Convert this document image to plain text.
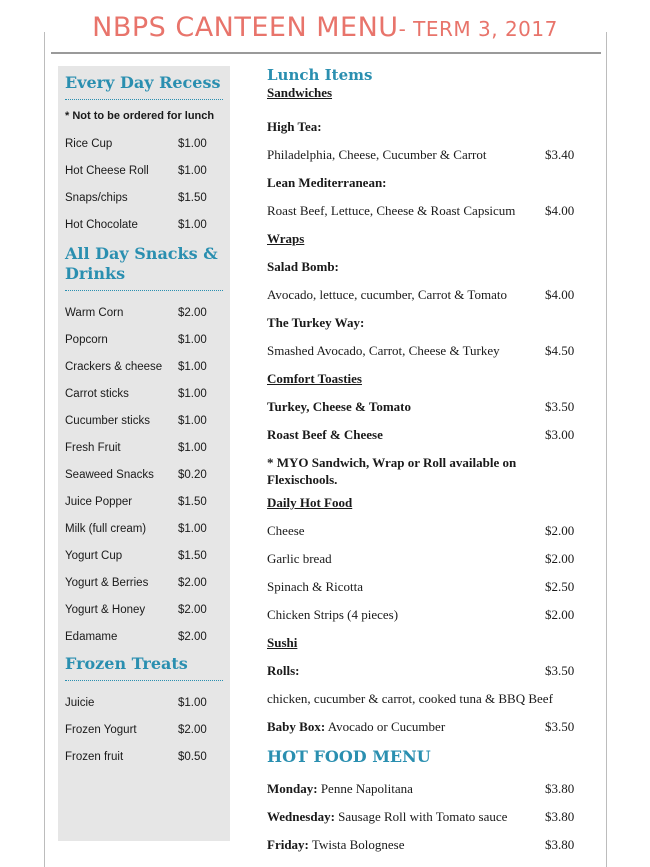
NBPS CANTEEN MENU- TERM 3, 2017
Every Day Recess
* Not to be ordered for lunch
Rice Cup	$1.00
Hot Cheese Roll	$1.00
Snaps/chips	$1.50
Hot Chocolate	$1.00
All Day Snacks & Drinks
Warm Corn	$2.00
Popcorn	$1.00
Crackers & cheese $1.00
Carrot sticks	$1.00
Cucumber sticks $1.00
Fresh Fruit	$1.00
Seaweed Snacks $0.20
Juice Popper	$1.50
Milk (full cream)	$1.00
Yogurt Cup	$1.50
Yogurt & Berries	$2.00
Yogurt & Honey	$2.00
Edamame	$2.00
Frozen Treats
Juicie	$1.00
Frozen Yogurt	$2.00
Frozen fruit	$0.50
Lunch Items
Sandwiches
High Tea:
Philadelphia, Cheese, Cucumber & Carrot	$3.40
Lean Mediterranean:
Roast Beef, Lettuce, Cheese & Roast Capsicum $4.00
Wraps
Salad Bomb:
Avocado, lettuce, cucumber, Carrot & Tomato	$4.00
The Turkey Way:
Smashed Avocado, Carrot, Cheese & Turkey	$4.50
Comfort Toasties
Turkey, Cheese & Tomato	$3.50
Roast Beef & Cheese	$3.00
* MYO Sandwich, Wrap or Roll available on Flexischools.
Daily Hot Food
Cheese	$2.00
Garlic bread	$2.00
Spinach & Ricotta	$2.50
Chicken Strips (4 pieces)	$2.00
Sushi
Rolls:	$3.50
chicken, cucumber & carrot, cooked tuna & BBQ Beef
Baby Box: Avocado or Cucumber	$3.50
HOT FOOD MENU
Monday: Penne Napolitana	$3.80
Wednesday: Sausage Roll with Tomato sauce	$3.80
Friday: Twista Bolognese	$3.80
